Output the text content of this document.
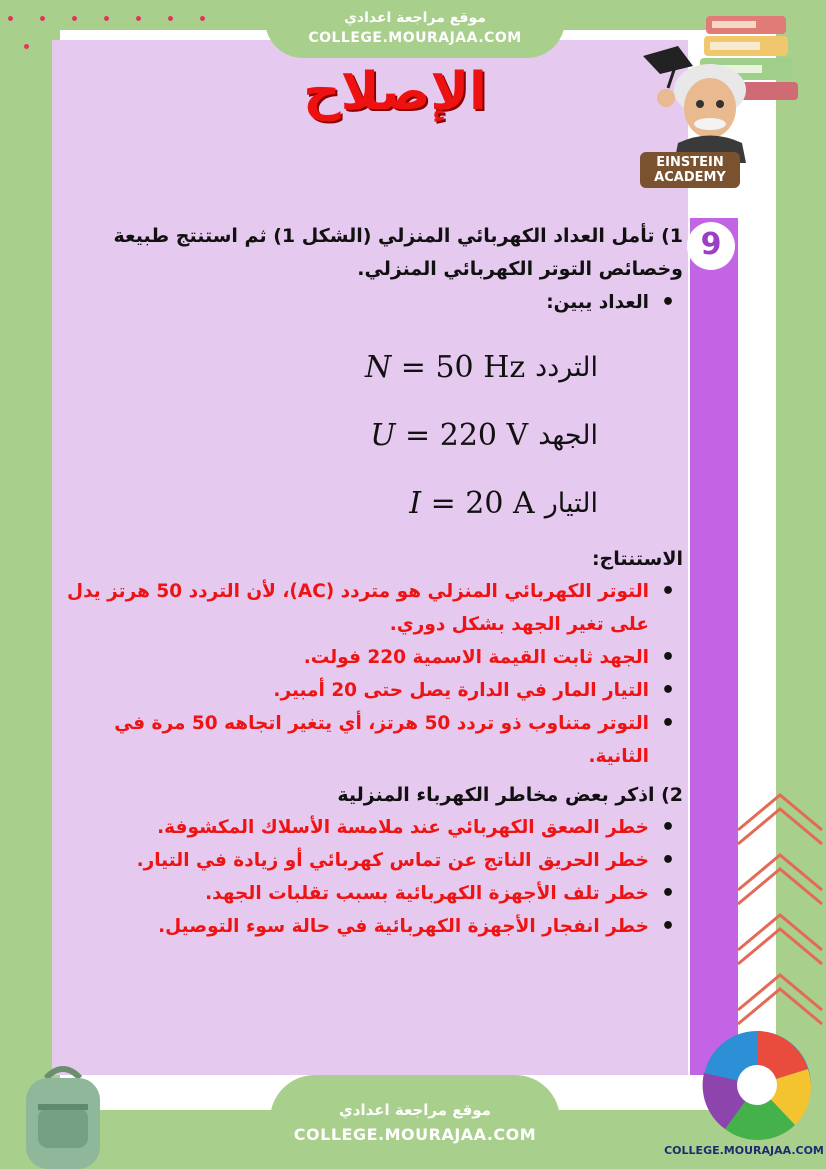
9
موقع مراجعة اعدادي
COLLEGE.MOURAJAA.COM
الإصلاح
EINSTEIN
ACADEMY

1) تأمل العداد الكهربائي المنزلي (الشكل 1) ثم استنتج طبيعة وخصائص التوتر الكهربائي المنزلي.

• العداد يبين:
التردد
N = 50 Hz
الجهد
U = 220 V
التيار
I = 20 A

الاستنتاج:

• التوتر الكهربائي المنزلي هو متردد (AC)، لأن التردد 50 هرتز يدل على تغير الجهد بشكل دوري.
• الجهد ثابت القيمة الاسمية 220 فولت.
• التيار المار في الدارة يصل حتى 20 أمبير.
• التوتر متناوب ذو تردد 50 هرتز، أي يتغير اتجاهه 50 مرة في الثانية.

2) اذكر بعض مخاطر الكهرباء المنزلية

• خطر الصعق الكهربائي عند ملامسة الأسلاك المكشوفة.
• خطر الحريق الناتج عن تماس كهربائي أو زيادة في التيار.
• خطر تلف الأجهزة الكهربائية بسبب تقلبات الجهد.
• خطر انفجار الأجهزة الكهربائية في حالة سوء التوصيل.
COLLEGE.MOURAJAA.COM
موقع مراجعة اعدادي
COLLEGE.MOURAJAA.COM
